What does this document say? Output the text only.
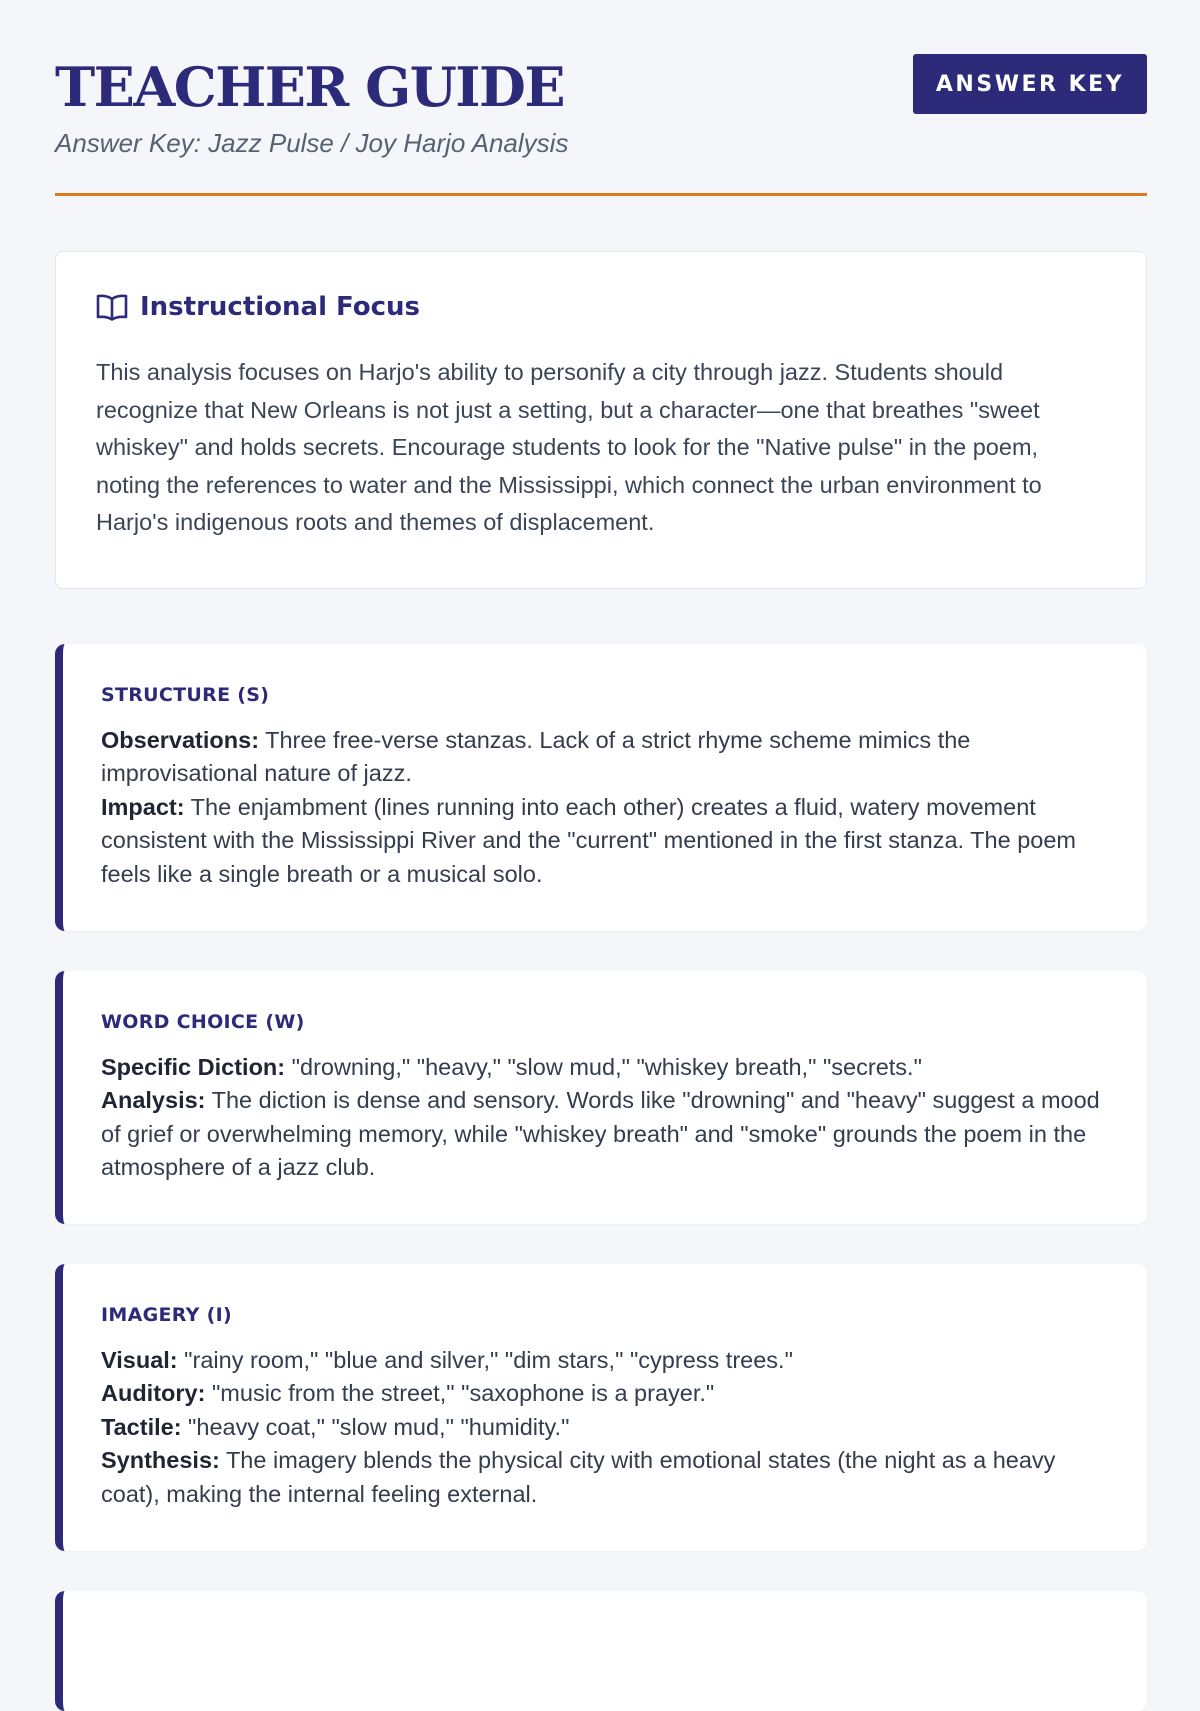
TEACHER GUIDE
Answer Key: Jazz Pulse / Joy Harjo Analysis
ANSWER KEY
Instructional Focus

This analysis focuses on Harjo's ability to personify a city through jazz. Students should recognize that New Orleans is not just a setting, but a character—one that breathes "sweet whiskey" and holds secrets. Encourage students to look for the "Native pulse" in the poem, noting the references to water and the Mississippi, which connect the urban environment to Harjo's indigenous roots and themes of displacement.

STRUCTURE (S)

Observations: Three free-verse stanzas. Lack of a strict rhyme scheme mimics the improvisational nature of jazz.

Impact: The enjambment (lines running into each other) creates a fluid, watery movement consistent with the Mississippi River and the "current" mentioned in the first stanza. The poem feels like a single breath or a musical solo.

WORD CHOICE (W)

Specific Diction: "drowning," "heavy," "slow mud," "whiskey breath," "secrets."

Analysis: The diction is dense and sensory. Words like "drowning" and "heavy" suggest a mood of grief or overwhelming memory, while "whiskey breath" and "smoke" grounds the poem in the atmosphere of a jazz club.

IMAGERY (I)

Visual: "rainy room," "blue and silver," "dim stars," "cypress trees."

Auditory: "music from the street," "saxophone is a prayer."

Tactile: "heavy coat," "slow mud," "humidity."

Synthesis: The imagery blends the physical city with emotional states (the night as a heavy coat), making the internal feeling external.
